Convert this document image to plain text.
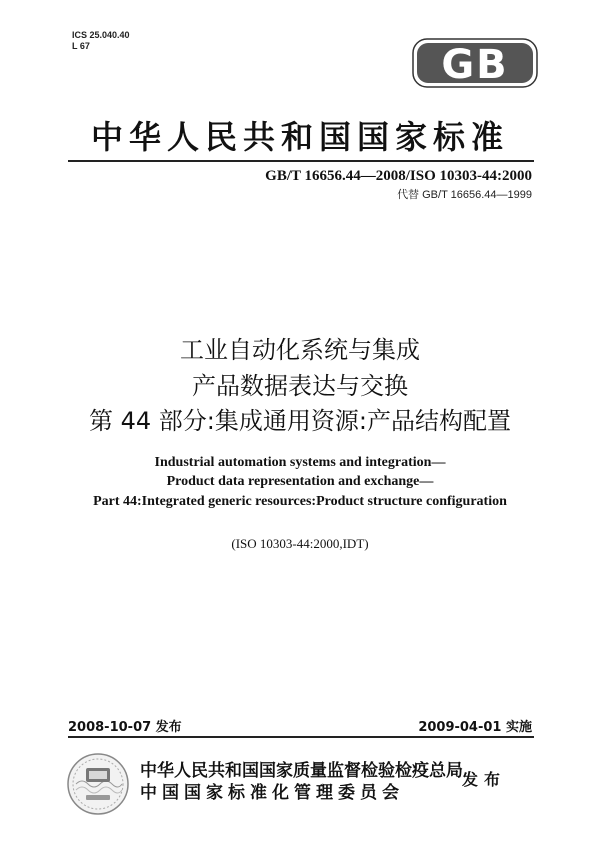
ICS 25.040.40
L 67	GB
中华人民共和国国家标准
GB/T 16656.44—2008/ISO 10303-44:2000
代替 GB/T 16656.44—1999
工业自动化系统与集成
产品数据表达与交换
第 44 部分:集成通用资源:产品结构配置
Industrial automation systems and integration—
Product data representation and exchange—
Part 44:Integrated generic resources:Product structure configuration
(ISO 10303-44:2000,IDT)
2008-10-07 发布	2009-04-01 实施
中华人民共和国国家质量监督检验检疫总局
中国国家标准化管理委员会
发布
